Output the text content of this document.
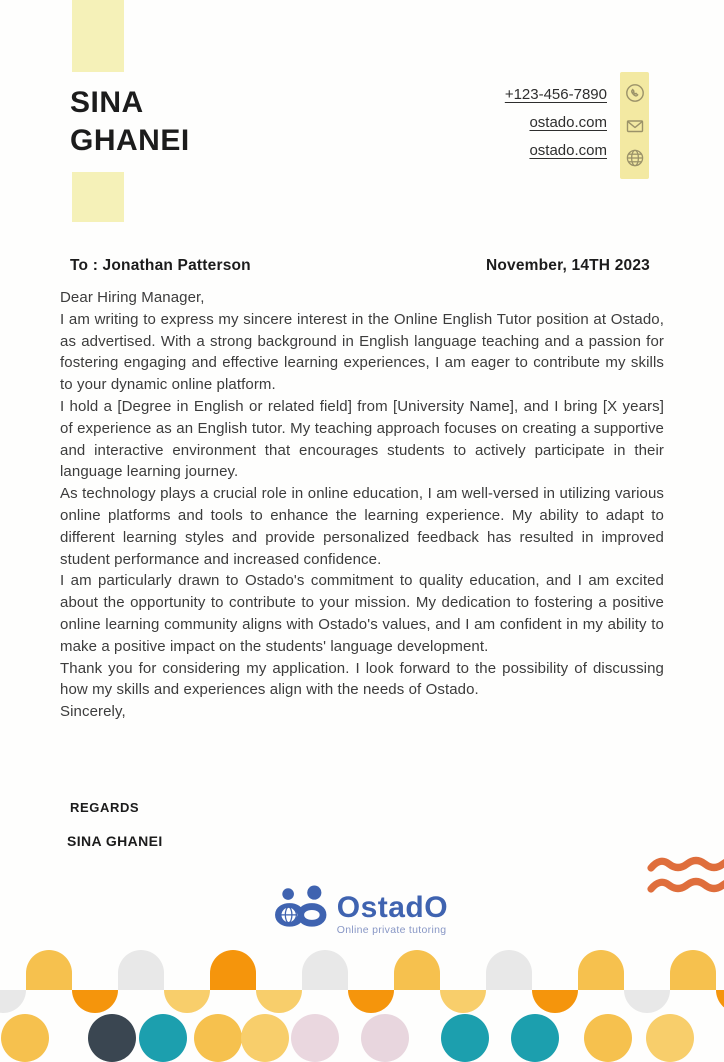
SINA
GHANEI
+123-456-7890
ostado.com
ostado.com
To : Jonathan Patterson	November, 14TH 2023

Dear Hiring Manager,

I am writing to express my sincere interest in the Online English Tutor position at Ostado, as advertised. With a strong background in English language teaching and a passion for fostering engaging and effective learning experiences, I am eager to contribute my skills to your dynamic online platform.

I hold a [Degree in English or related field] from [University Name], and I bring [X years] of experience as an English tutor. My teaching approach focuses on creating a supportive and interactive environment that encourages students to actively participate in their language learning journey.

As technology plays a crucial role in online education, I am well-versed in utilizing various online platforms and tools to enhance the learning experience. My ability to adapt to different learning styles and provide personalized feedback has resulted in improved student performance and increased confidence.

I am particularly drawn to Ostado's commitment to quality education, and I am excited about the opportunity to contribute to your mission. My dedication to fostering a positive online learning community aligns with Ostado's values, and I am confident in my ability to make a positive impact on the students' language development.

Thank you for considering my application. I look forward to the possibility of discussing how my skills and experiences align with the needs of Ostado.

Sincerely,

REGARDS
SINA GHANEI
OstadO
Online private tutoring
